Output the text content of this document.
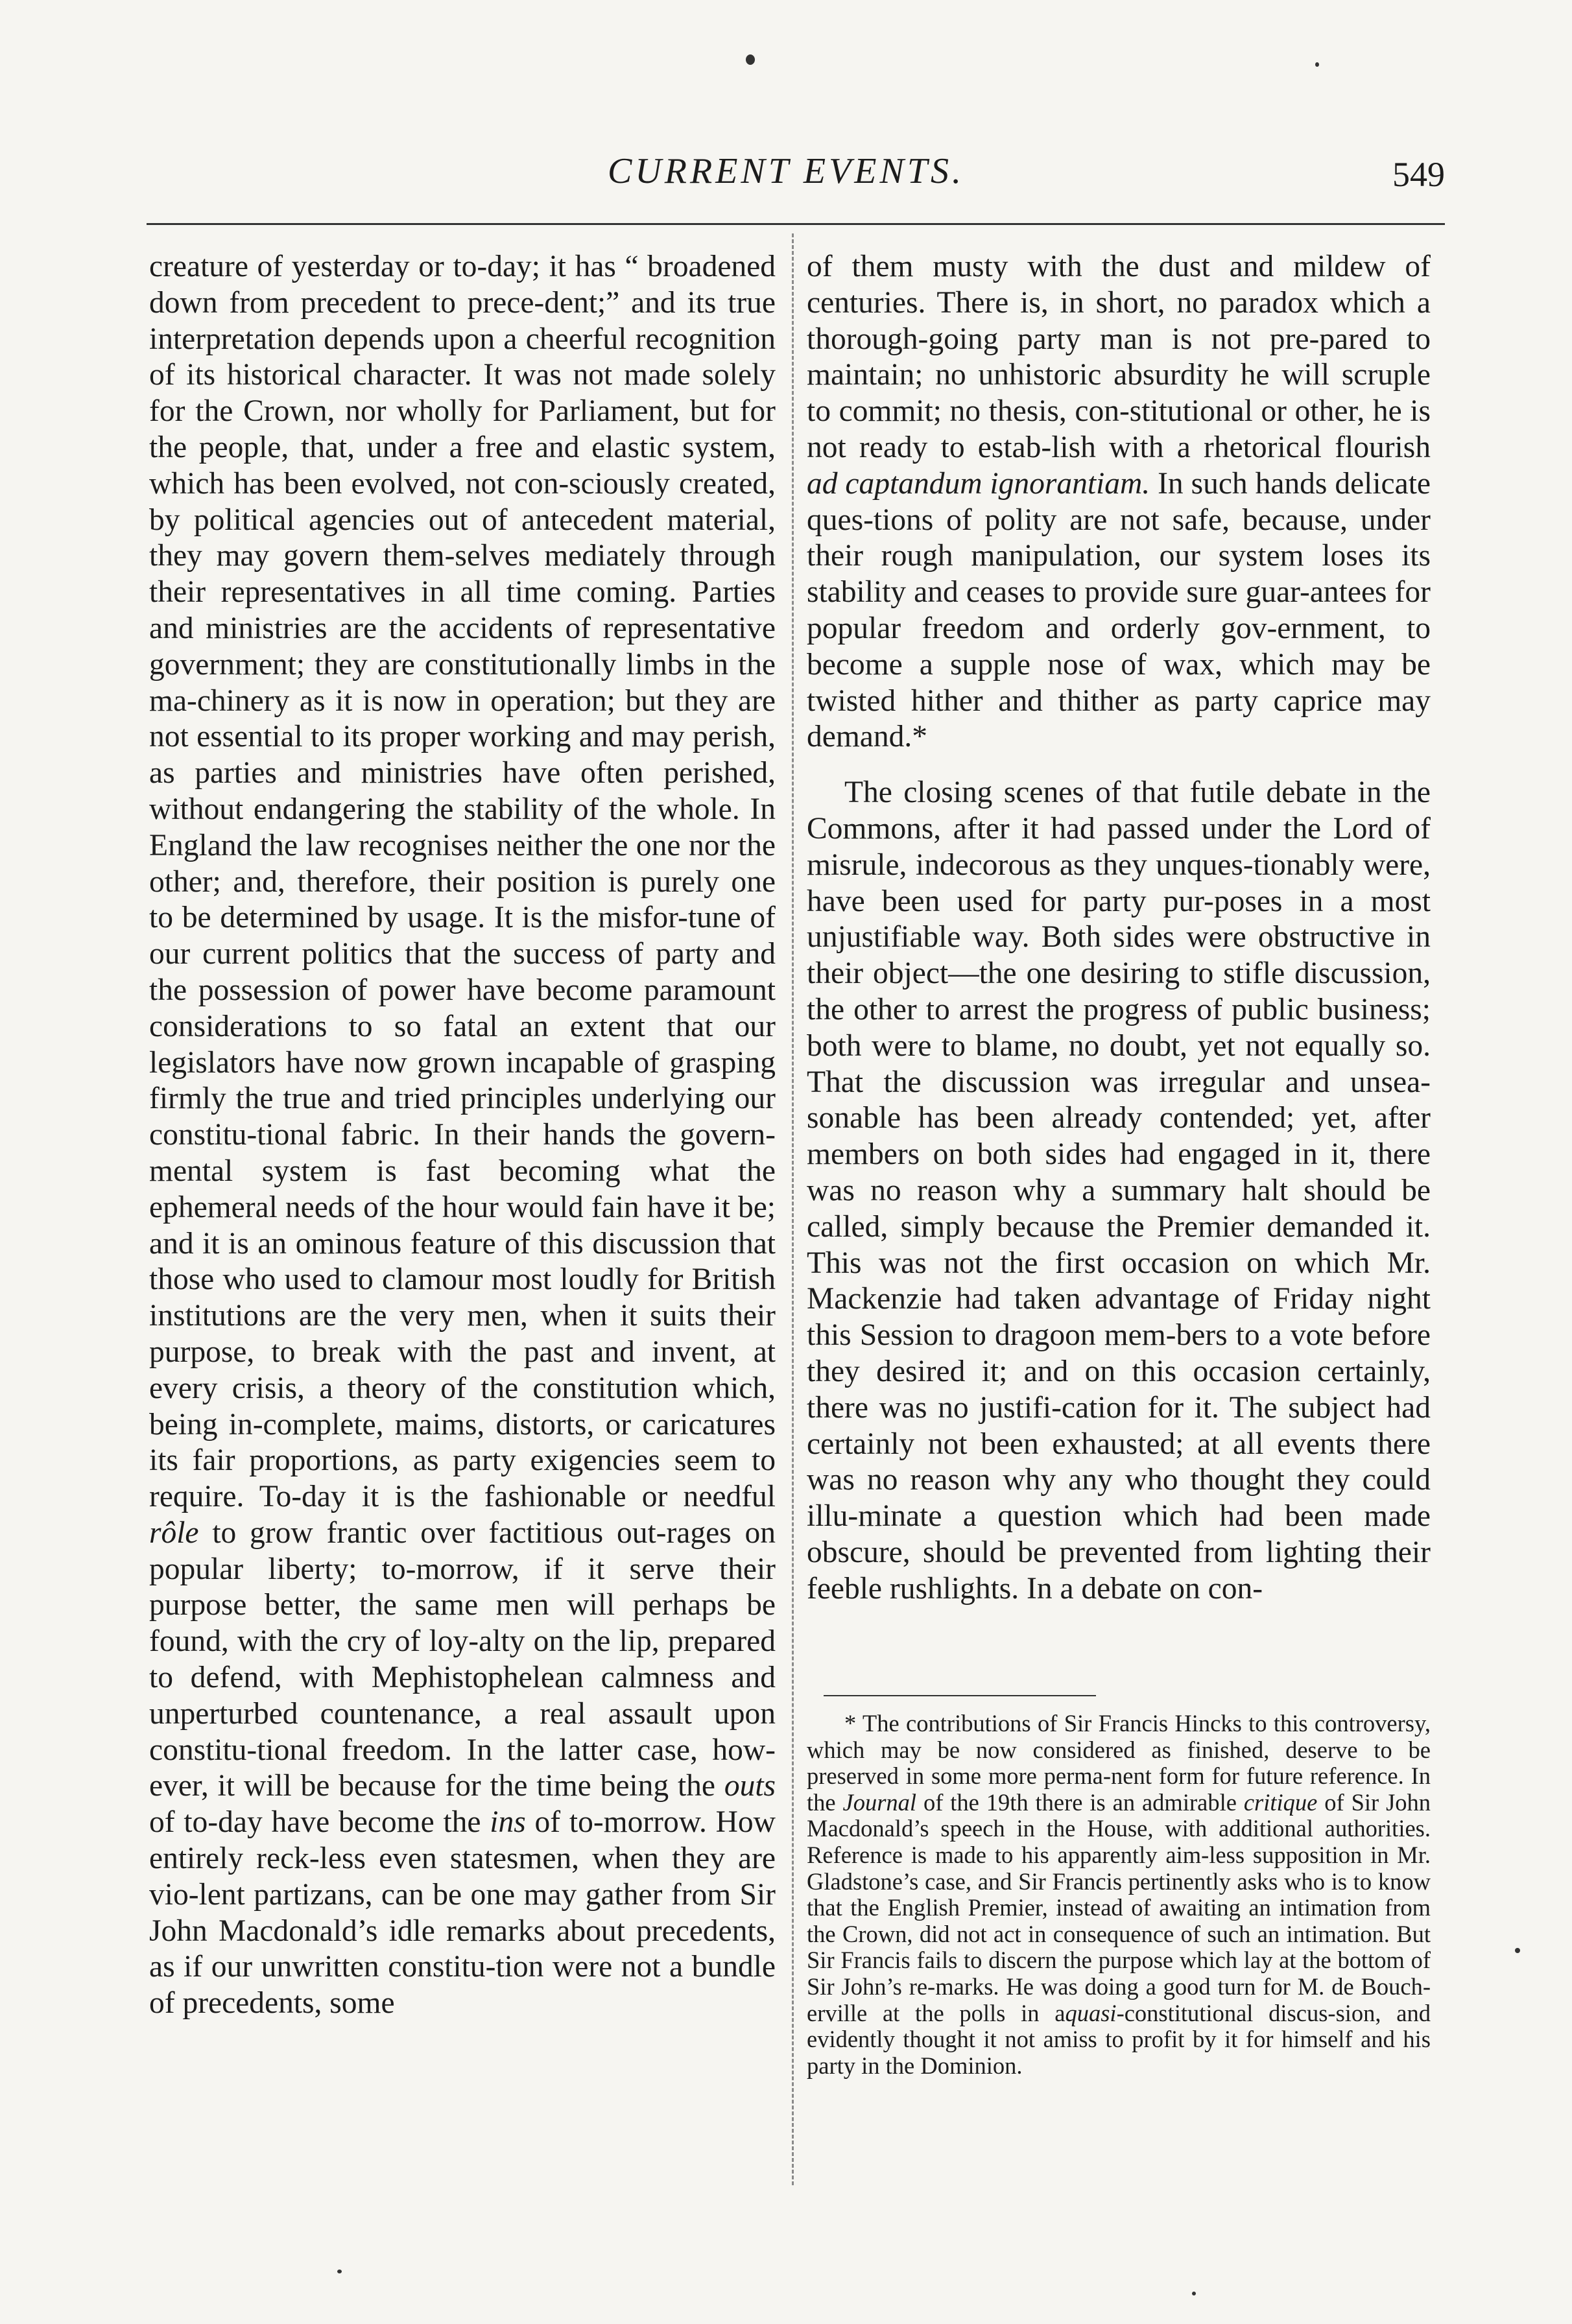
CURRENT EVENTS.	549

creature of yesterday or to-day; it has “ broadened down from precedent to prece-dent;” and its true interpretation depends upon a cheerful recognition of its historical character. It was not made solely for the Crown, nor wholly for Parliament, but for the people, that, under a free and elastic system, which has been evolved, not con-sciously created, by political agencies out of antecedent material, they may govern them-selves mediately through their representatives in all time coming. Parties and ministries are the accidents of representative government; they are constitutionally limbs in the ma-chinery as it is now in operation; but they are not essential to its proper working and may perish, as parties and ministries have often perished, without endangering the stability of the whole. In England the law recognises neither the one nor the other; and, therefore, their position is purely one to be determined by usage. It is the misfor-tune of our current politics that the success of party and the possession of power have become paramount considerations to so fatal an extent that our legislators have now grown incapable of grasping firmly the true and tried principles underlying our constitu-tional fabric. In their hands the govern-mental system is fast becoming what the ephemeral needs of the hour would fain have it be; and it is an ominous feature of this discussion that those who used to clamour most loudly for British institutions are the very men, when it suits their purpose, to break with the past and invent, at every crisis, a theory of the constitution which, being in-complete, maims, distorts, or caricatures its fair proportions, as party exigencies seem to require. To-day it is the fashionable or needful rôle to grow frantic over factitious out-rages on popular liberty; to-morrow, if it serve their purpose better, the same men will perhaps be found, with the cry of loy-alty on the lip, prepared to defend, with Mephistophelean calmness and unperturbed countenance, a real assault upon constitu-tional freedom. In the latter case, how-ever, it will be because for the time being the outs of to-day have become the ins of to-morrow. How entirely reck-less even statesmen, when they are vio-lent partizans, can be one may gather from Sir John Macdonald’s idle remarks about precedents, as if our unwritten constitu-tion were not a bundle of precedents, some

of them musty with the dust and mildew of centuries. There is, in short, no paradox which a thorough-going party man is not pre-pared to maintain; no unhistoric absurdity he will scruple to commit; no thesis, con-stitutional or other, he is not ready to estab-lish with a rhetorical flourish ad captandum ignorantiam. In such hands delicate ques-tions of polity are not safe, because, under their rough manipulation, our system loses its stability and ceases to provide sure guar-antees for popular freedom and orderly gov-ernment, to become a supple nose of wax, which may be twisted hither and thither as party caprice may demand.*

The closing scenes of that futile debate in the Commons, after it had passed under the Lord of misrule, indecorous as they unques-tionably were, have been used for party pur-poses in a most unjustifiable way. Both sides were obstructive in their object—the one desiring to stifle discussion, the other to arrest the progress of public business; both were to blame, no doubt, yet not equally so. That the discussion was irregular and unsea-sonable has been already contended; yet, after members on both sides had engaged in it, there was no reason why a summary halt should be called, simply because the Premier demanded it. This was not the first occasion on which Mr. Mackenzie had taken advantage of Friday night this Session to dragoon mem-bers to a vote before they desired it; and on this occasion certainly, there was no justifi-cation for it. The subject had certainly not been exhausted; at all events there was no reason why any who thought they could illu-minate a question which had been made obscure, should be prevented from lighting their feeble rushlights. In a debate on con-

* The contributions of Sir Francis Hincks to this controversy, which may be now considered as finished, deserve to be preserved in some more perma-nent form for future reference. In the Journal of the 19th there is an admirable critique of Sir John Macdonald’s speech in the House, with additional authorities. Reference is made to his apparently aim-less supposition in Mr. Gladstone’s case, and Sir Francis pertinently asks who is to know that the English Premier, instead of awaiting an intimation from the Crown, did not act in consequence of such an intimation. But Sir Francis fails to discern the purpose which lay at the bottom of Sir John’s re-marks. He was doing a good turn for M. de Bouch-erville at the polls in aquasi-constitutional discus-sion, and evidently thought it not amiss to profit by it for himself and his party in the Dominion.
